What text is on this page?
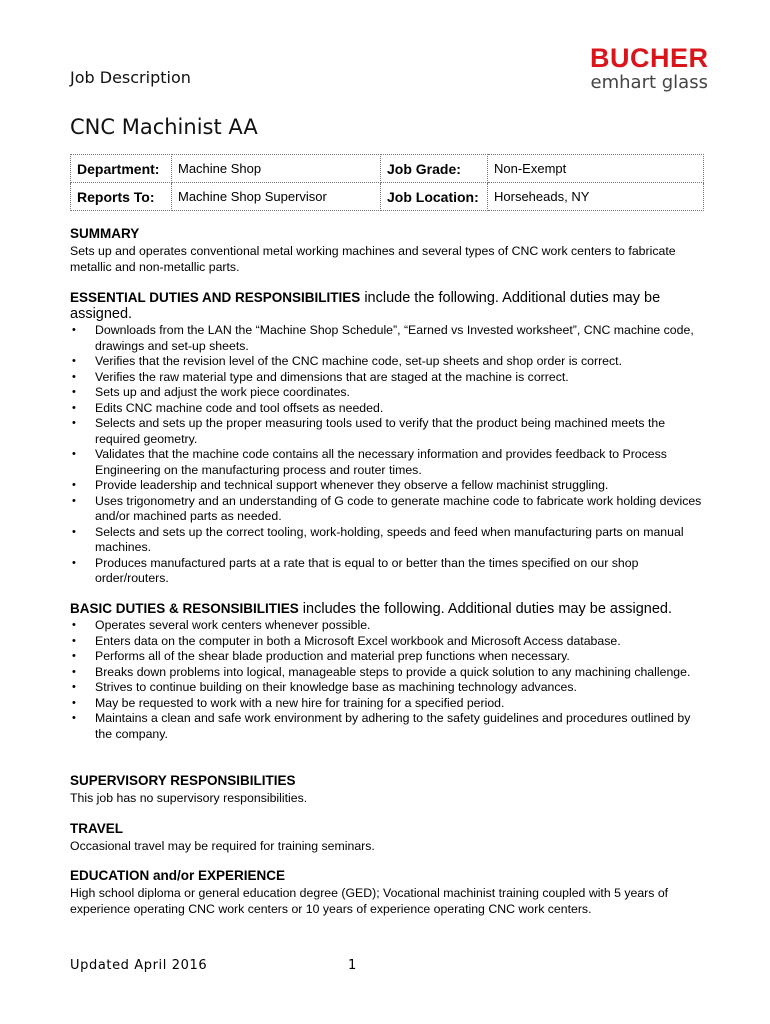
Job Description
BUCHER
emhart glass
CNC Machinist AA
Department:	Machine Shop	Job Grade:	Non-Exempt
Reports To:	Machine Shop Supervisor	Job Location:	Horseheads, NY
SUMMARY
Sets up and operates conventional metal working machines and several types of CNC work centers to fabricate metallic and non-metallic parts.
ESSENTIAL DUTIES AND RESPONSIBILITIES include the following. Additional duties may be assigned.
• Downloads from the LAN the “Machine Shop Schedule”, “Earned vs Invested worksheet”, CNC machine code, drawings and set-up sheets.
• Verifies that the revision level of the CNC machine code, set-up sheets and shop order is correct.
• Verifies the raw material type and dimensions that are staged at the machine is correct.
• Sets up and adjust the work piece coordinates.
• Edits CNC machine code and tool offsets as needed.
• Selects and sets up the proper measuring tools used to verify that the product being machined meets the required geometry.
• Validates that the machine code contains all the necessary information and provides feedback to Process Engineering on the manufacturing process and router times.
• Provide leadership and technical support whenever they observe a fellow machinist struggling.
• Uses trigonometry and an understanding of G code to generate machine code to fabricate work holding devices and/or machined parts as needed.
• Selects and sets up the correct tooling, work-holding, speeds and feed when manufacturing parts on manual machines.
• Produces manufactured parts at a rate that is equal to or better than the times specified on our shop order/routers.
BASIC DUTIES & RESONSIBILITIES includes the following. Additional duties may be assigned.
• Operates several work centers whenever possible.
• Enters data on the computer in both a Microsoft Excel workbook and Microsoft Access database.
• Performs all of the shear blade production and material prep functions when necessary.
• Breaks down problems into logical, manageable steps to provide a quick solution to any machining challenge.
• Strives to continue building on their knowledge base as machining technology advances.
• May be requested to work with a new hire for training for a specified period.
• Maintains a clean and safe work environment by adhering to the safety guidelines and procedures outlined by the company.
SUPERVISORY RESPONSIBILITIES
This job has no supervisory responsibilities.
TRAVEL
Occasional travel may be required for training seminars.
EDUCATION and/or EXPERIENCE
High school diploma or general education degree (GED); Vocational machinist training coupled with 5 years of experience operating CNC work centers or 10 years of experience operating CNC work centers.
Updated April 2016	1
